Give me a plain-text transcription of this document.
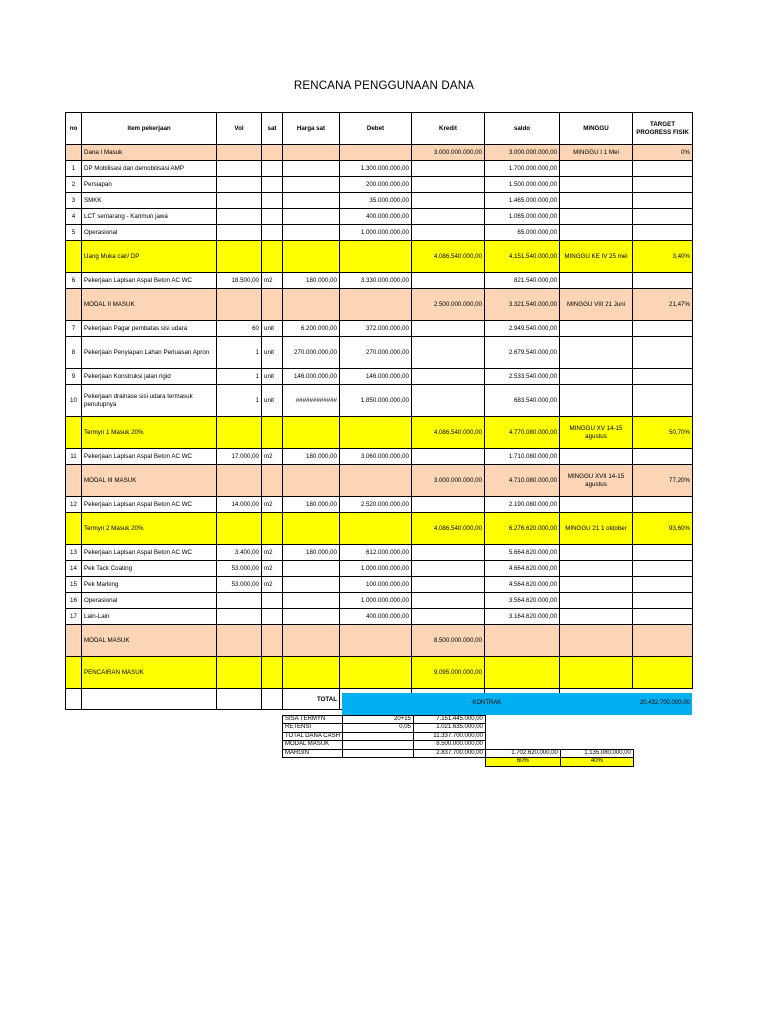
RENCANA PENGGUNAAN DANA
no	item pekerjaan	Vol	sat	Harga sat	Debet	Kredit	saldo	MINGGU	TARGET PROGRESS FISIK
	Dana I Masuk					3.000.000.000,00	3.000.000.000,00	MINGGU I 1 Mei	0%
1	DP Mobilisasi dan demobilisasi AMP				1.300.000.000,00		1.700.000.000,00		
2	Persiapan				200.000.000,00		1.500.000.000,00		
3	SMKK				35.000.000,00		1.465.000.000,00		
4	LCT semarang - Karimun jawa				400.000.000,00		1.065.000.000,00		
5	Operasional				1.000.000.000,00		65.000.000,00		
	Uang Muka cair/ DP					4.086.540.000,00	4.151.540.000,00	MINGGU KE IV 25 mei	3,40%
6	Pekerjaan Lapisan Aspal Beton AC WC	18.500,00	m2	180.000,00	3.330.000.000,00		821.540.000,00		
	MODAL II MASUK					2.500.000.000,00	3.321.540.000,00	MINGGU VIII 21 Juni	21,47%
7	Pekerjaan Pagar pembatas sisi udara	60	unit	6.200.000,00	372.000.000,00		2.949.540.000,00		
8	Pekerjaan Penyiapan Lahan Perluasan Apron	1	unit	270.000.000,00	270.000.000,00		2.679.540.000,00		
9	Pekerjaan Konstruksi jalan rigid	1	unit	146.000.000,00	146.000.000,00		2.533.540.000,00		
10	Pekerjaan drainase sisi udara termasuk penutupnya	1	unit	############	1.850.000.000,00		683.540.000,00		
	Termyn 1 Masuk 20%					4.086.540.000,00	4.770.080.000,00	MINGGU XV 14-15 agustus	50,70%
11	Pekerjaan Lapisan Aspal Beton AC WC	17.000,00	m2	180.000,00	3.060.000.000,00		1.710.080.000,00		
	MODAL III MASUK					3.000.000.000,00	4.710.080.000,00	MINGGU XVII 14-15 agustus	77,20%
12	Pekerjaan Lapisan Aspal Beton AC WC	14.000,00	m2	180.000,00	2.520.000.000,00		2.190.080.000,00		
	Termyn 2 Masuk 20%					4.086.540.000,00	6.276.620.000,00	MINGGU 21 1 oktober	93,60%
13	Pekerjaan Lapisan Aspal Beton AC WC	3.400,00	m2	180.000,00	612.000.000,00		5.664.620.000,00		
14	Pek Tack Coating	53.000,00	m2		1.000.000.000,00		4.664.620.000,00		
15	Pek Marking	53.000,00	m2		100.000.000,00		4.564.620.000,00		
16	Operasional				1.000.000.000,00		3.564.620.000,00		
17	Lain-Lain				400.000.000,00		3.164.620.000,00		
	MODAL MASUK					8.500.000.000,00			
	PENCAIRAN MASUK					9.095.000.000,00			
				TOTAL					
		KONTRAK			20.432.700.000,00
SISA TERMYN	20+15	7.151.445.000,00			
RETENSI	0,05	1.021.635.000,00			
TOTAL DANA CASH		11.337.700.000,00			
MODAL MASUK		8.500.000.000,00			
MARGIN		2.837.700.000,00	1.702.620.000,00	1.135.080.000,00	
			60%	40%	
